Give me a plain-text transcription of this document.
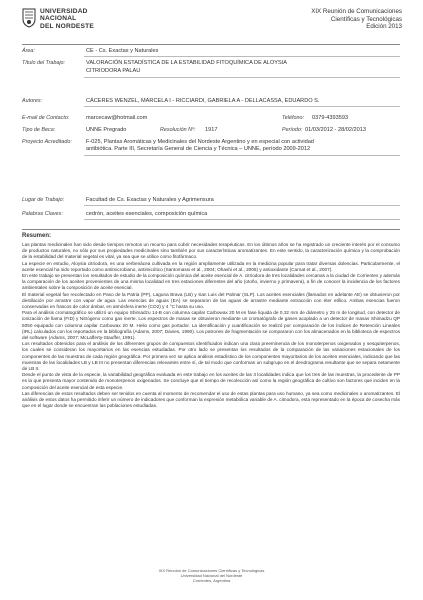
UNIVERSIDAD
NACIONAL
DEL NORDESTE
XIX Reunión de Comunicaciones
Científicas y Tecnológicas
Edición 2013
Área:	CE - Cs. Exactas y Naturales
Título del Trabajo:	VALORACIÓN ESTADÍSTICA DE LA ESTABILIDAD FITOQUÍMICA DE ALOYSIA
CITRIODORA PALAU
Autores:	CÁCERES WENZEL, MARCELA I - RICCIARDI, GABRIELA A - DELLACASSA, EDUARDO S.
E-mail de Contacto:	marcecaw@hotmail.com	Teléfono: 0379-4393593
Tipo de Beca:	UNNE Pregrado	Resolución Nº: 1917	Período: 01/03/2012 - 28/02/2013
Proyecto Acreditado:	F-025, Plantas Aromáticas y Medicinales del Nordeste Argentino y en especial con actividad
antibiótica. Parte III, Secretaría General de Ciencia y Técnica – UNNE, período 2009-2012
Lugar de Trabajo:	Facultad de Cs. Exactas y Naturales y Agrimensura
Palabras Claves:	cedrón, aceites esenciales, composición química
Resumen:
Las plantas medicinales han sido desde tiempos remotos un recurso para cubrir necesidades terapéuticas. En los últimos años se ha registrado un creciente interés por el consumo de productos naturales, no sólo por sus propiedades medicinales sino también por sus características aromatizantes. En este sentido, la caracterización química y la comprobación de la estabilidad del material vegetal es vital, ya sea que se utilice como fitofármaco.
La especie en estudio, Aloysia citriodora, es una verbenácea cultivada en la región ampliamente utilizada en la medicina popular para tratar diversas dolencias. Particularmente, el aceite esencial ha sido reportado como antimicrobiano, antimicótico (Santomassi et al., 2004; Ohashi et al., 2005) y antioxidante (Carnat et al., 2007).
En este trabajo se presentan los resultados de estudio de la composición química del aceite esencial de A. citriodora de tres localidades cercanas a la ciudad de Corrientes y además la comparación de los aceites provenientes de una misma localidad en tres estaciones diferentes del año (otoño, invierno y primavera), a fin de conocer la incidencia de los factores ambientales sobre la composición de aceite esencial.
El material vegetal fue recolectado en Paso de la Patria (PP), Laguna Brava (LB) y San Luis del Palmar (SLP). Los aceites esenciales (llamados en adelante AE) se obtuvieron por destilación por arrastre con vapor de agua. Las esencias de aguas (EA) se separaron de las aguas de arrastre mediante extracción con éter etílico. Ambas esencias fueron conservadas en frascos de color ámbar, en atmósfera inerte (CO2) y 4 °C hasta su uso.
Para el análisis cromatográfico se utilizó un equipo Shimadzu 14-B con columna capilar Carbowax 20 M en fase líquida de 0,32 mm de diámetro y 25 m de longitud, con detector de ionización de llama (FID) y Nitrógeno como gas inerte. Los espectros de masas se obtuvieron mediante un cromatógrafo de gases acoplado a un detector de masas Shimadzu QP 5050 equipado con columna capilar Carbowax 20 M. Helio como gas portador. La identificación y cuantificación se realizó por comparación de los índices de Retención Lineales (IRL) calculados con los reportados en la bibliografía (Adams, 2007; Davies, 1990). Los patrones de fragmentación se compararon con los almacenados en la biblioteca de espectros del software (Adams, 2007; McLafferty-Stauffer, 1991).
Los resultados obtenidos para el análisis de los diferentes grupos de compuestos identificados indican una clara preeminencia de los monoterpenos oxigenados y sesquiterpenos, los cuales se consideran los mayoritarios en las esencias estudiadas. Por otro lado se presentan los resultados de la comparación de las variaciones estacionales de los componentes de las muestras de cada región geográfica. Por primera vez se aplica análisis estadístico de los componentes mayoritarios de los aceites esenciales, indicando que las muestras de las localidades LB y LB III no presentan diferencias relevantes entre sí, de tal modo que conforman un subgrupo en el dendrograma resultante que se separa netamente de LB II.
Desde el punto de vista de la especie, la variabilidad geográfica evaluada en este trabajo en los aceites de las 3 localidades indica que los tres de las muestras, la procedente de PP es la que presenta mayor contenido de monoterpenos oxigenados. Se concluye que el tiempo de recolección así como la región geográfica de cultivo son factores que inciden en la composición del aceite esencial de esta especie.
Las diferencias de estos resultados deben ser tenidos en cuenta al momento de recomendar el uso de estas plantas para uso humano, ya sea como medicinales o aromatizantes. El análisis de estos datos ha permitido inferir un número de indicadores que conforman la expresión metabólica variable de A. citriodora, esta representado en la época de cosecha más que en el lugar donde se encuentran las poblaciones estudiadas.
XIX Reunión de Comunicaciones Científicas y Tecnológicas
Universidad Nacional del Nordeste
Corrientes, Argentina
